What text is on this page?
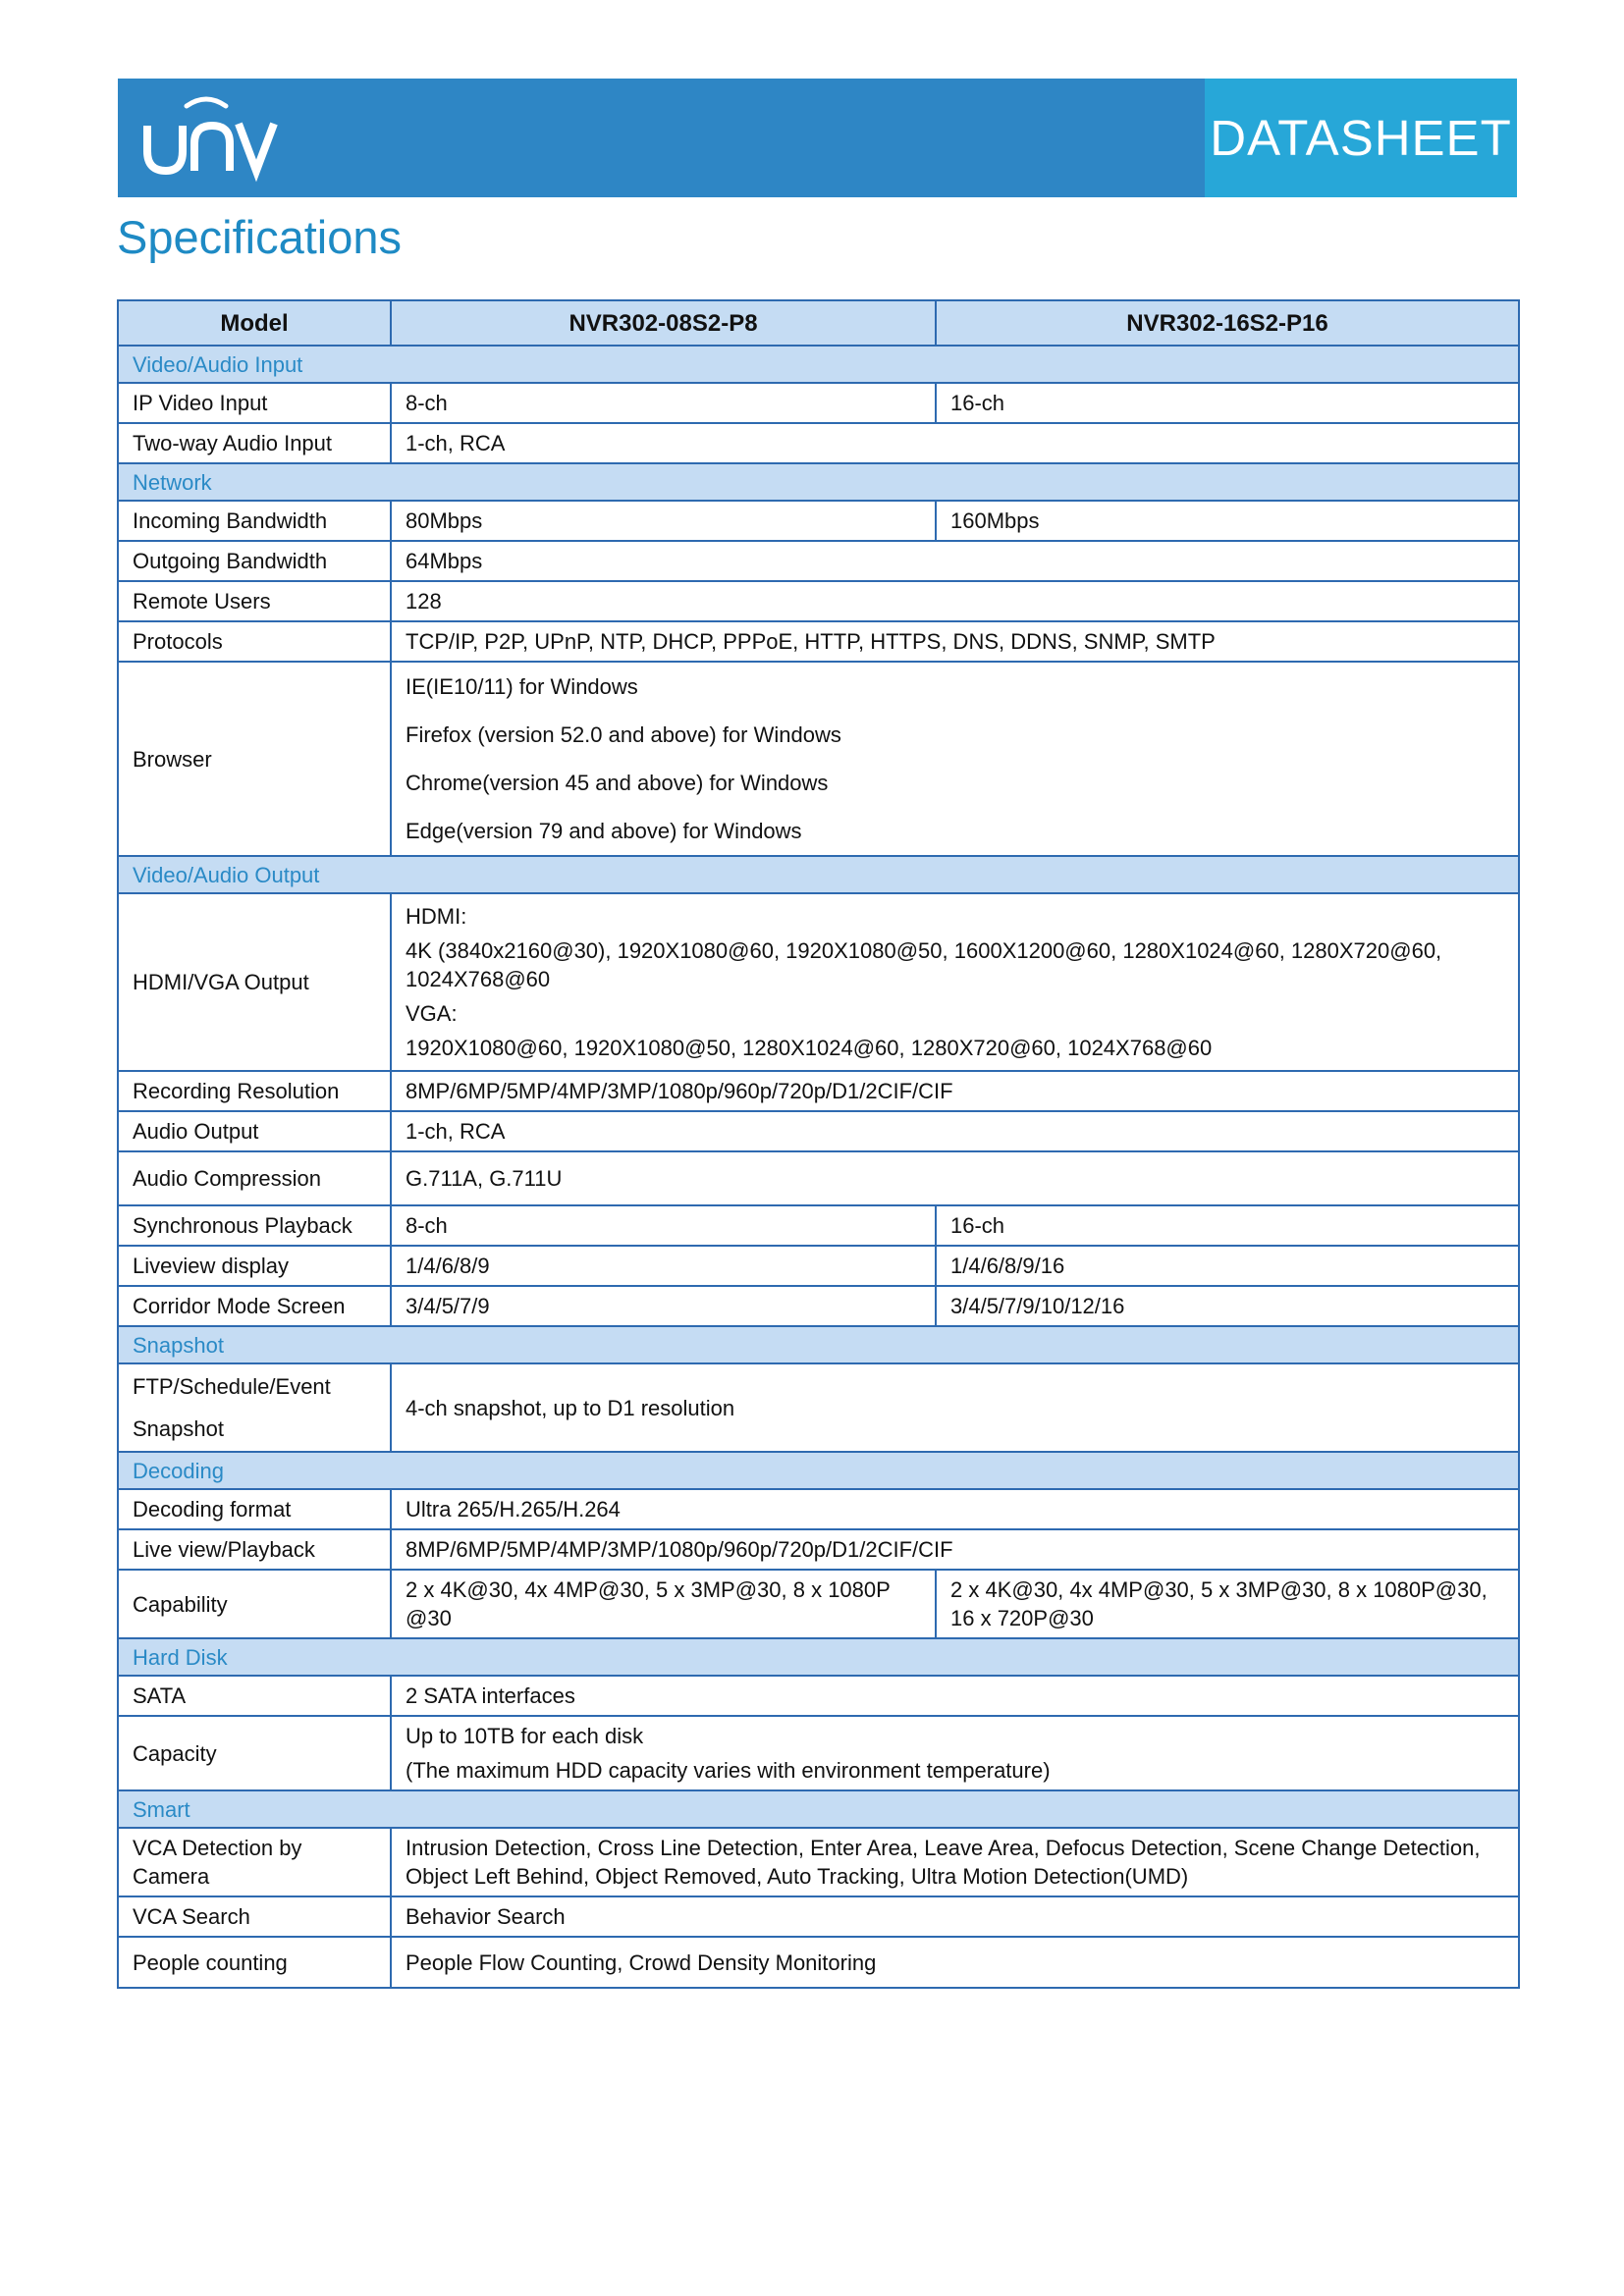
DATASHEET
Specifications
Model	NVR302-08S2-P8	NVR302-16S2-P16
Video/Audio Input		
IP Video Input	8-ch	16-ch
Two-way Audio Input	1-ch, RCA	
Network		
Incoming Bandwidth	80Mbps	160Mbps
Outgoing Bandwidth	64Mbps	
Remote Users	128	
Protocols	TCP/IP, P2P, UPnP, NTP, DHCP, PPPoE, HTTP, HTTPS, DNS, DDNS, SNMP, SMTP	
Browser	IE(IE10/11) for Windows
Firefox (version 52.0 and above) for Windows
Chrome(version 45 and above) for Windows
Edge(version 79 and above) for Windows	

Video/Audio Output		
HDMI/VGA Output	HDMI:
4K (3840x2160@30), 1920X1080@60, 1920X1080@50, 1600X1200@60, 1280X1024@60, 1280X720@60, 1024X768@60
VGA:
1920X1080@60, 1920X1080@50, 1280X1024@60, 1280X720@60, 1024X768@60	

Recording Resolution	8MP/6MP/5MP/4MP/3MP/1080p/960p/720p/D1/2CIF/CIF	
Audio Output	1-ch, RCA	
Audio Compression	G.711A, G.711U	
Synchronous Playback	8-ch	16-ch
Liveview display	1/4/6/8/9	1/4/6/8/9/16
Corridor Mode Screen	3/4/5/7/9	3/4/5/7/9/10/12/16
Snapshot		

FTP/Schedule/Event
Snapshot	4-ch snapshot, up to D1 resolution	
Decoding		
Decoding format	Ultra 265/H.265/H.264	
Live view/Playback	8MP/6MP/5MP/4MP/3MP/1080p/960p/720p/D1/2CIF/CIF	
Capability	2 x 4K@30, 4x 4MP@30, 5 x 3MP@30, 8 x 1080P @30	2 x 4K@30, 4x 4MP@30, 5 x 3MP@30, 8 x 1080P@30, 16 x 720P@30
Hard Disk		
SATA	2 SATA interfaces	
Capacity	Up to 10TB for each disk
(The maximum HDD capacity varies with environment temperature)	

Smart		
VCA Detection by Camera	Intrusion Detection, Cross Line Detection, Enter Area, Leave Area, Defocus Detection, Scene Change Detection, Object Left Behind, Object Removed, Auto Tracking, Ultra Motion Detection(UMD)	
VCA Search	Behavior Search	
People counting	People Flow Counting, Crowd Density Monitoring	
